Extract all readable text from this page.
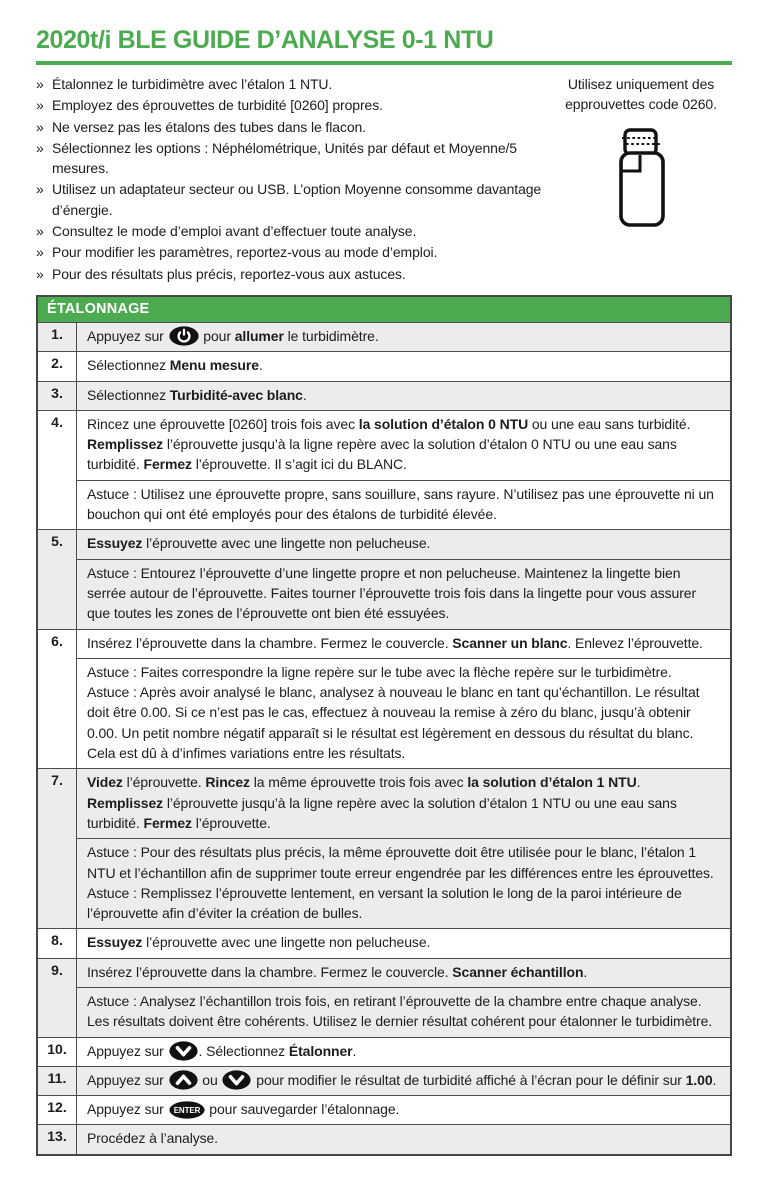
2020t/i BLE GUIDE D’ANALYSE 0-1 NTU
» Étalonnez le turbidimètre avec l’étalon 1 NTU.
» Employez des éprouvettes de turbidité [0260] propres.
» Ne versez pas les étalons des tubes dans le flacon.
» Sélectionnez les options : Néphélométrique, Unités par défaut et Moyenne/5 mesures.
» Utilisez un adaptateur secteur ou USB. L’option Moyenne consomme davantage d’énergie.
» Consultez le mode d’emploi avant d’effectuer toute analyse.
» Pour modifier les paramètres, reportez-vous au mode d’emploi.
» Pour des résultats plus précis, reportez-vous aux astuces.
Utilisez uniquement des epprouvettes code 0260.
ÉTALONNAGE
1.	Appuyez sur  pour allumer le turbidimètre.
2.	Sélectionnez Menu mesure.
3.	Sélectionnez Turbidité-avec blanc.
4.	Rincez une éprouvette [0260] trois fois avec la solution d’étalon 0 NTU ou une eau sans turbidité. Remplissez l’éprouvette jusqu’à la ligne repère avec la solution d’étalon 0 NTU ou une eau sans turbidité. Fermez l’éprouvette. Il s’agit ici du BLANC.
Astuce : Utilisez une éprouvette propre, sans souillure, sans rayure. N’utilisez pas une éprouvette ni un bouchon qui ont été employés pour des étalons de turbidité élevée.
5.	Essuyez l’éprouvette avec une lingette non pelucheuse.
Astuce : Entourez l’éprouvette d’une lingette propre et non pelucheuse. Maintenez la lingette bien serrée autour de l’éprouvette. Faites tourner l’éprouvette trois fois dans la lingette pour vous assurer que toutes les zones de l’éprouvette ont bien été essuyées.
6.	Insérez l’éprouvette dans la chambre. Fermez le couvercle. Scanner un blanc. Enlevez l’éprouvette.
Astuce : Faites correspondre la ligne repère sur le tube avec la flèche repère sur le turbidimètre.
Astuce : Après avoir analysé le blanc, analysez à nouveau le blanc en tant qu’échantillon. Le résultat doit être 0.00. Si ce n’est pas le cas, effectuez à nouveau la remise à zéro du blanc, jusqu’à obtenir 0.00. Un petit nombre négatif apparaît si le résultat est légèrement en dessous du résultat du blanc. Cela est dû à d’infimes variations entre les résultats.
7.	Videz l’éprouvette. Rincez la même éprouvette trois fois avec la solution d’étalon 1 NTU. Remplissez l’éprouvette jusqu’à la ligne repère avec la solution d’étalon 1 NTU ou une eau sans turbidité. Fermez l’éprouvette.
Astuce : Pour des résultats plus précis, la même éprouvette doit être utilisée pour le blanc, l’étalon 1 NTU et l’échantillon afin de supprimer toute erreur engendrée par les différences entre les éprouvettes.
Astuce : Remplissez l’éprouvette lentement, en versant la solution le long de la paroi intérieure de l’éprouvette afin d’éviter la création de bulles.
8.	Essuyez l’éprouvette avec une lingette non pelucheuse.
9.	Insérez l’éprouvette dans la chambre. Fermez le couvercle. Scanner échantillon.
Astuce : Analysez l’échantillon trois fois, en retirant l’éprouvette de la chambre entre chaque analyse. Les résultats doivent être cohérents. Utilisez le dernier résultat cohérent pour étalonner le turbidimètre.
10.	Appuyez sur . Sélectionnez Étalonner.
11.	Appuyez sur  ou  pour modifier le résultat de turbidité affiché à l’écran pour le définir sur 1.00.
12.	Appuyez sur ENTER pour sauvegarder l’étalonnage.
13.	Procédez à l’analyse.
